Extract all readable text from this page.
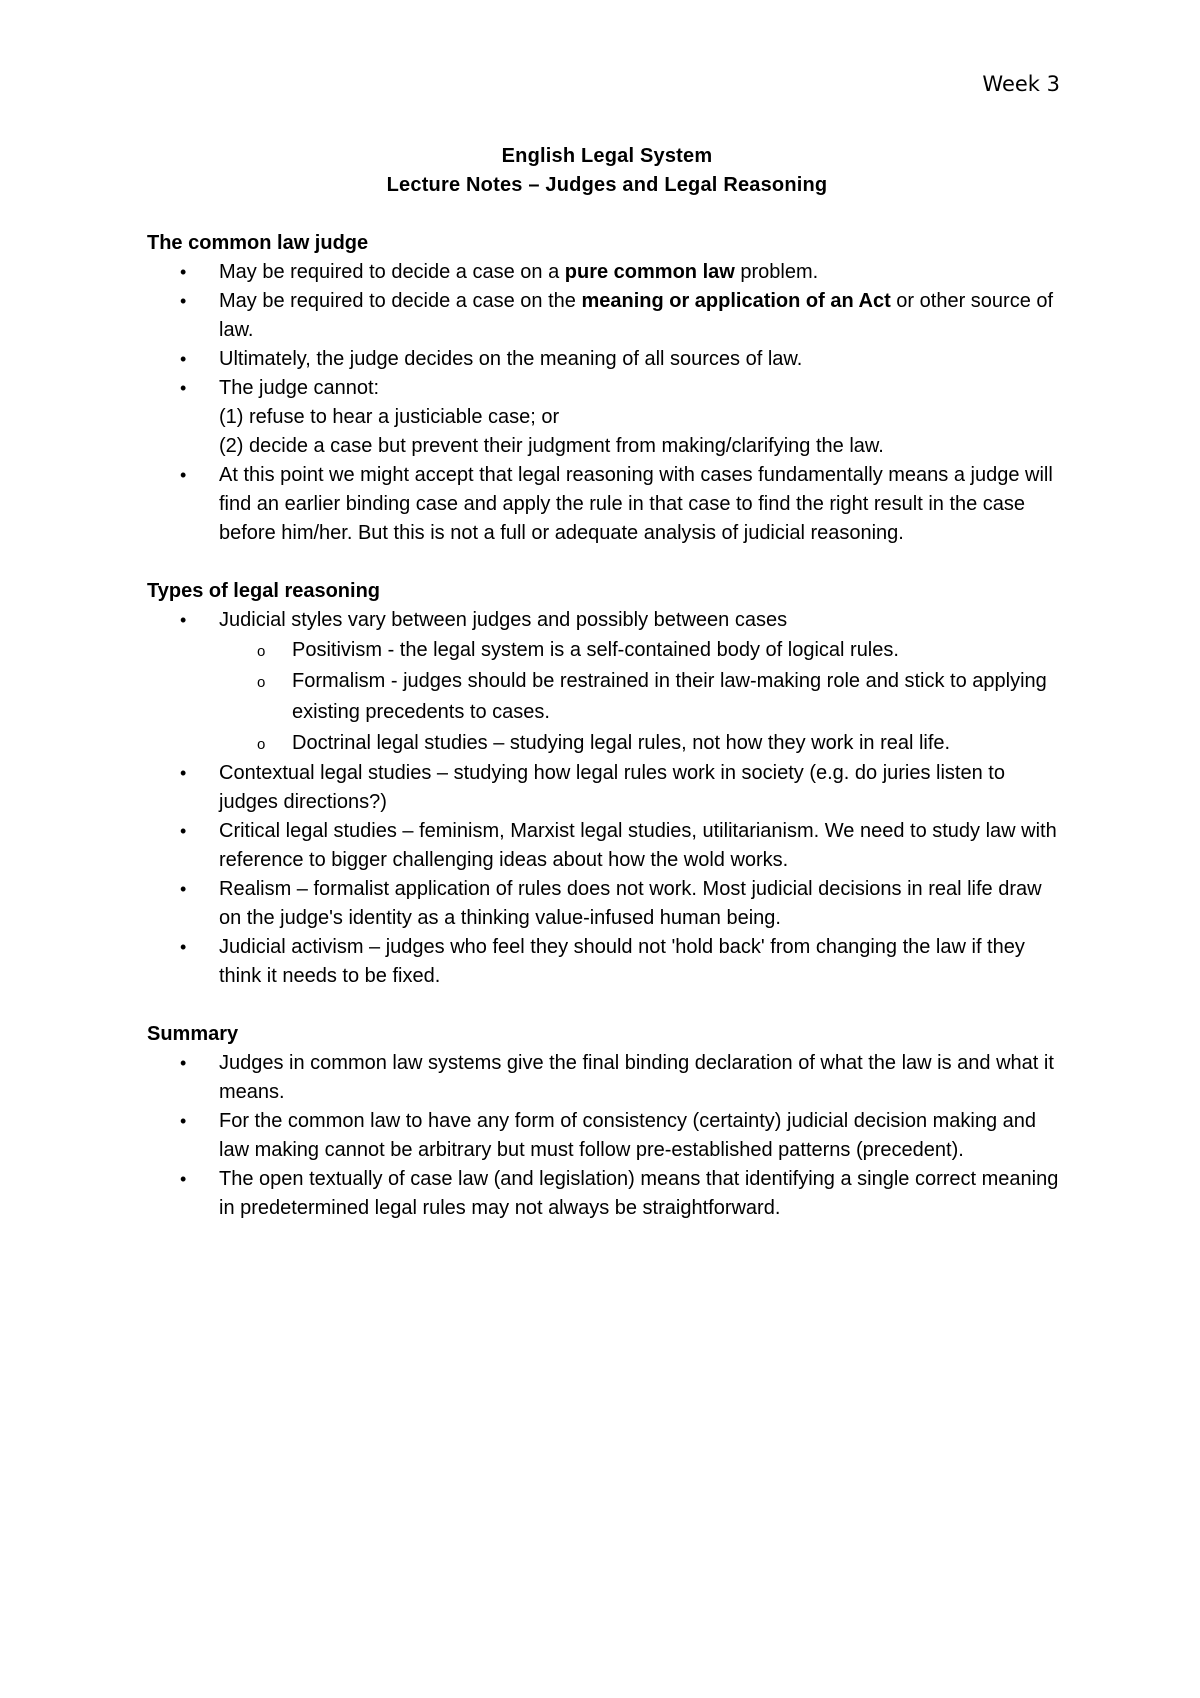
Week 3
English Legal System
Lecture Notes – Judges and Legal Reasoning
The common law judge
• May be required to decide a case on a pure common law problem.
• May be required to decide a case on the meaning or application of an Act or other source of law.
• Ultimately, the judge decides on the meaning of all sources of law.
• The judge cannot:
(1) refuse to hear a justiciable case; or
(2) decide a case but prevent their judgment from making/clarifying the law.
• At this point we might accept that legal reasoning with cases fundamentally means a judge will find an earlier binding case and apply the rule in that case to find the right result in the case before him/her. But this is not a full or adequate analysis of judicial reasoning.
Types of legal reasoning
• Judicial styles vary between judges and possibly between cases
o Positivism - the legal system is a self-contained body of logical rules.
o Formalism - judges should be restrained in their law-making role and stick to applying existing precedents to cases.
o Doctrinal legal studies – studying legal rules, not how they work in real life.
• Contextual legal studies – studying how legal rules work in society (e.g. do juries listen to judges directions?)
• Critical legal studies – feminism, Marxist legal studies, utilitarianism. We need to study law with reference to bigger challenging ideas about how the wold works.
• Realism – formalist application of rules does not work. Most judicial decisions in real life draw on the judge's identity as a thinking value-infused human being.
• Judicial activism – judges who feel they should not 'hold back' from changing the law if they think it needs to be fixed.
Summary
• Judges in common law systems give the final binding declaration of what the law is and what it means.
• For the common law to have any form of consistency (certainty) judicial decision making and law making cannot be arbitrary but must follow pre-established patterns (precedent).
• The open textually of case law (and legislation) means that identifying a single correct meaning in predetermined legal rules may not always be straightforward.
